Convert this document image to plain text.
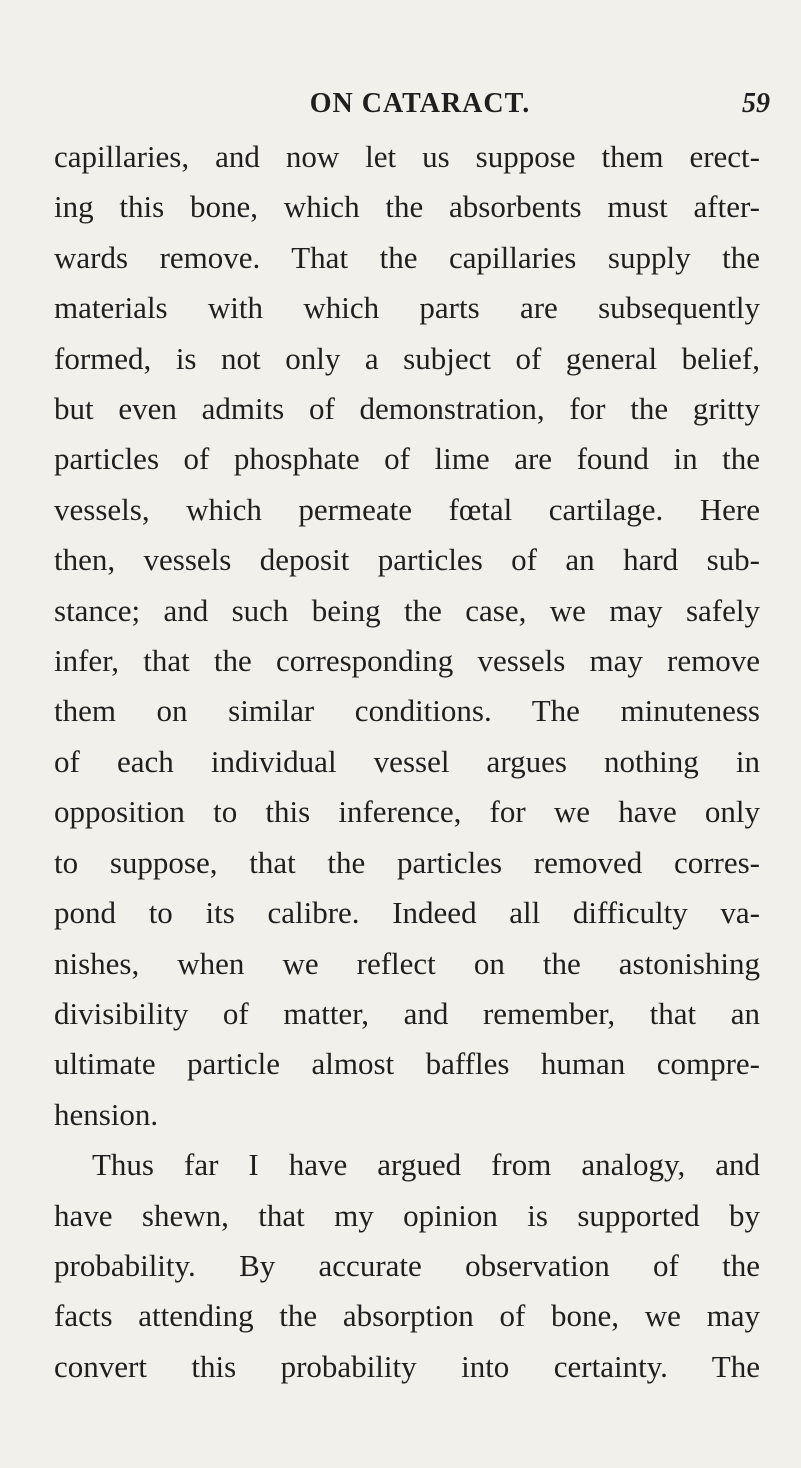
ON CATARACT.	59
capillaries, and now let us suppose them erect-
ing this bone, which the absorbents must after-
wards remove. That the capillaries supply the
materials with which parts are subsequently
formed, is not only a subject of general belief,
but even admits of demonstration, for the gritty
particles of phosphate of lime are found in the
vessels, which permeate fœtal cartilage. Here
then, vessels deposit particles of an hard sub-
stance; and such being the case, we may safely
infer, that the corresponding vessels may remove
them on similar conditions. The minuteness
of each individual vessel argues nothing in
opposition to this inference, for we have only
to suppose, that the particles removed corres-
pond to its calibre. Indeed all difficulty va-
nishes, when we reflect on the astonishing
divisibility of matter, and remember, that an
ultimate particle almost baffles human compre-
hension.
Thus far I have argued from analogy, and
have shewn, that my opinion is supported by
probability. By accurate observation of the
facts attending the absorption of bone, we may
convert this probability into certainty. The
